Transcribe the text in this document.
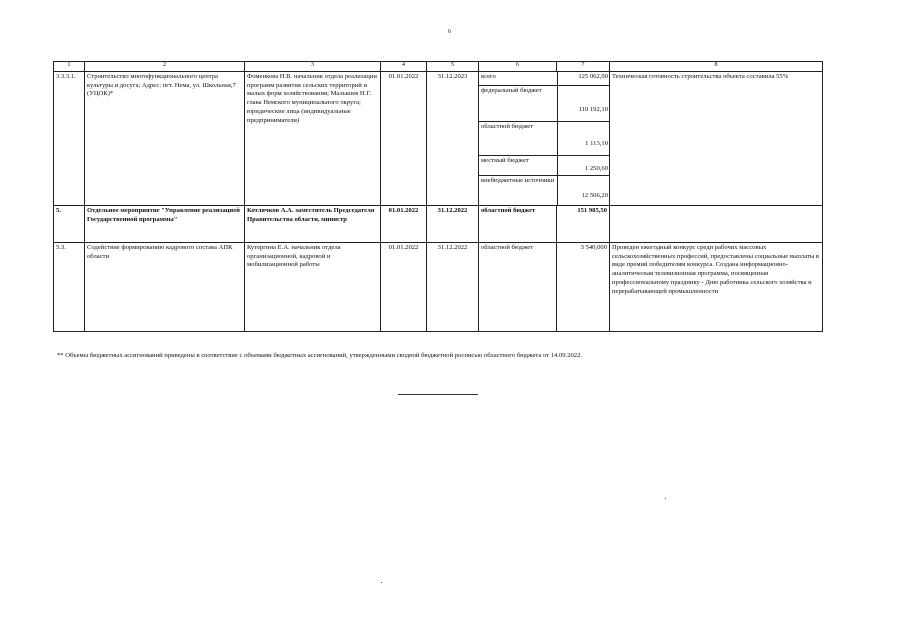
6
1	2	3	4	5	6	7	8
3.3.3.1.	Строительство многофункционального центра культуры и досуга; Адрес: пгт. Нема, ул. Школьная,7 (УЦОК)*	Фоменкова Н.В. начальник отдела реализации программ развития сельских территорий и малых форм хозяйствования; Малышев Н.Г. глава Немского муниципального округа; юридические лица (индивидуальные предприниматели)	01.01.2022	31.12.2023	всего	125 062,00
федеральный бюджет	110 192,10
областной бюджет	1 113,10
местный бюджет	1 250,60
внебюджетные источники	12 506,20
	Техническая готовность строительства объекта составила 55%
5.	Отдельное мероприятие "Управление реализацией Государственной программы"	Котлячков А.А. заместитель Председателя Правительства области, министр	01.01.2022	31.12.2022	областной бюджет	151 985,50	
5.3.	Содействие формированию кадрового состава АПК области	Кутергина Е.А. начальник отдела организационной, кадровой и мобилизационной работы	01.01.2022	31.12.2022	областной бюджет	3 540,000	Проведен ежегодный конкурс среди рабочих массовых сельскохозяйственных профессий, предоставлены социальные выплаты в виде премий победителям конкурса. Создана информационно-аналитическая телевизионная программа, посвященная профессиональному празднику - Дню работника сельского хозяйства и перерабатывающей промышленности
** Объемы бюджетных ассигнований приведены в соответствие с объемами бюджетных ассигнований, утвержденными сводной бюджетной росписью областного бюджета от 14.09.2022.
